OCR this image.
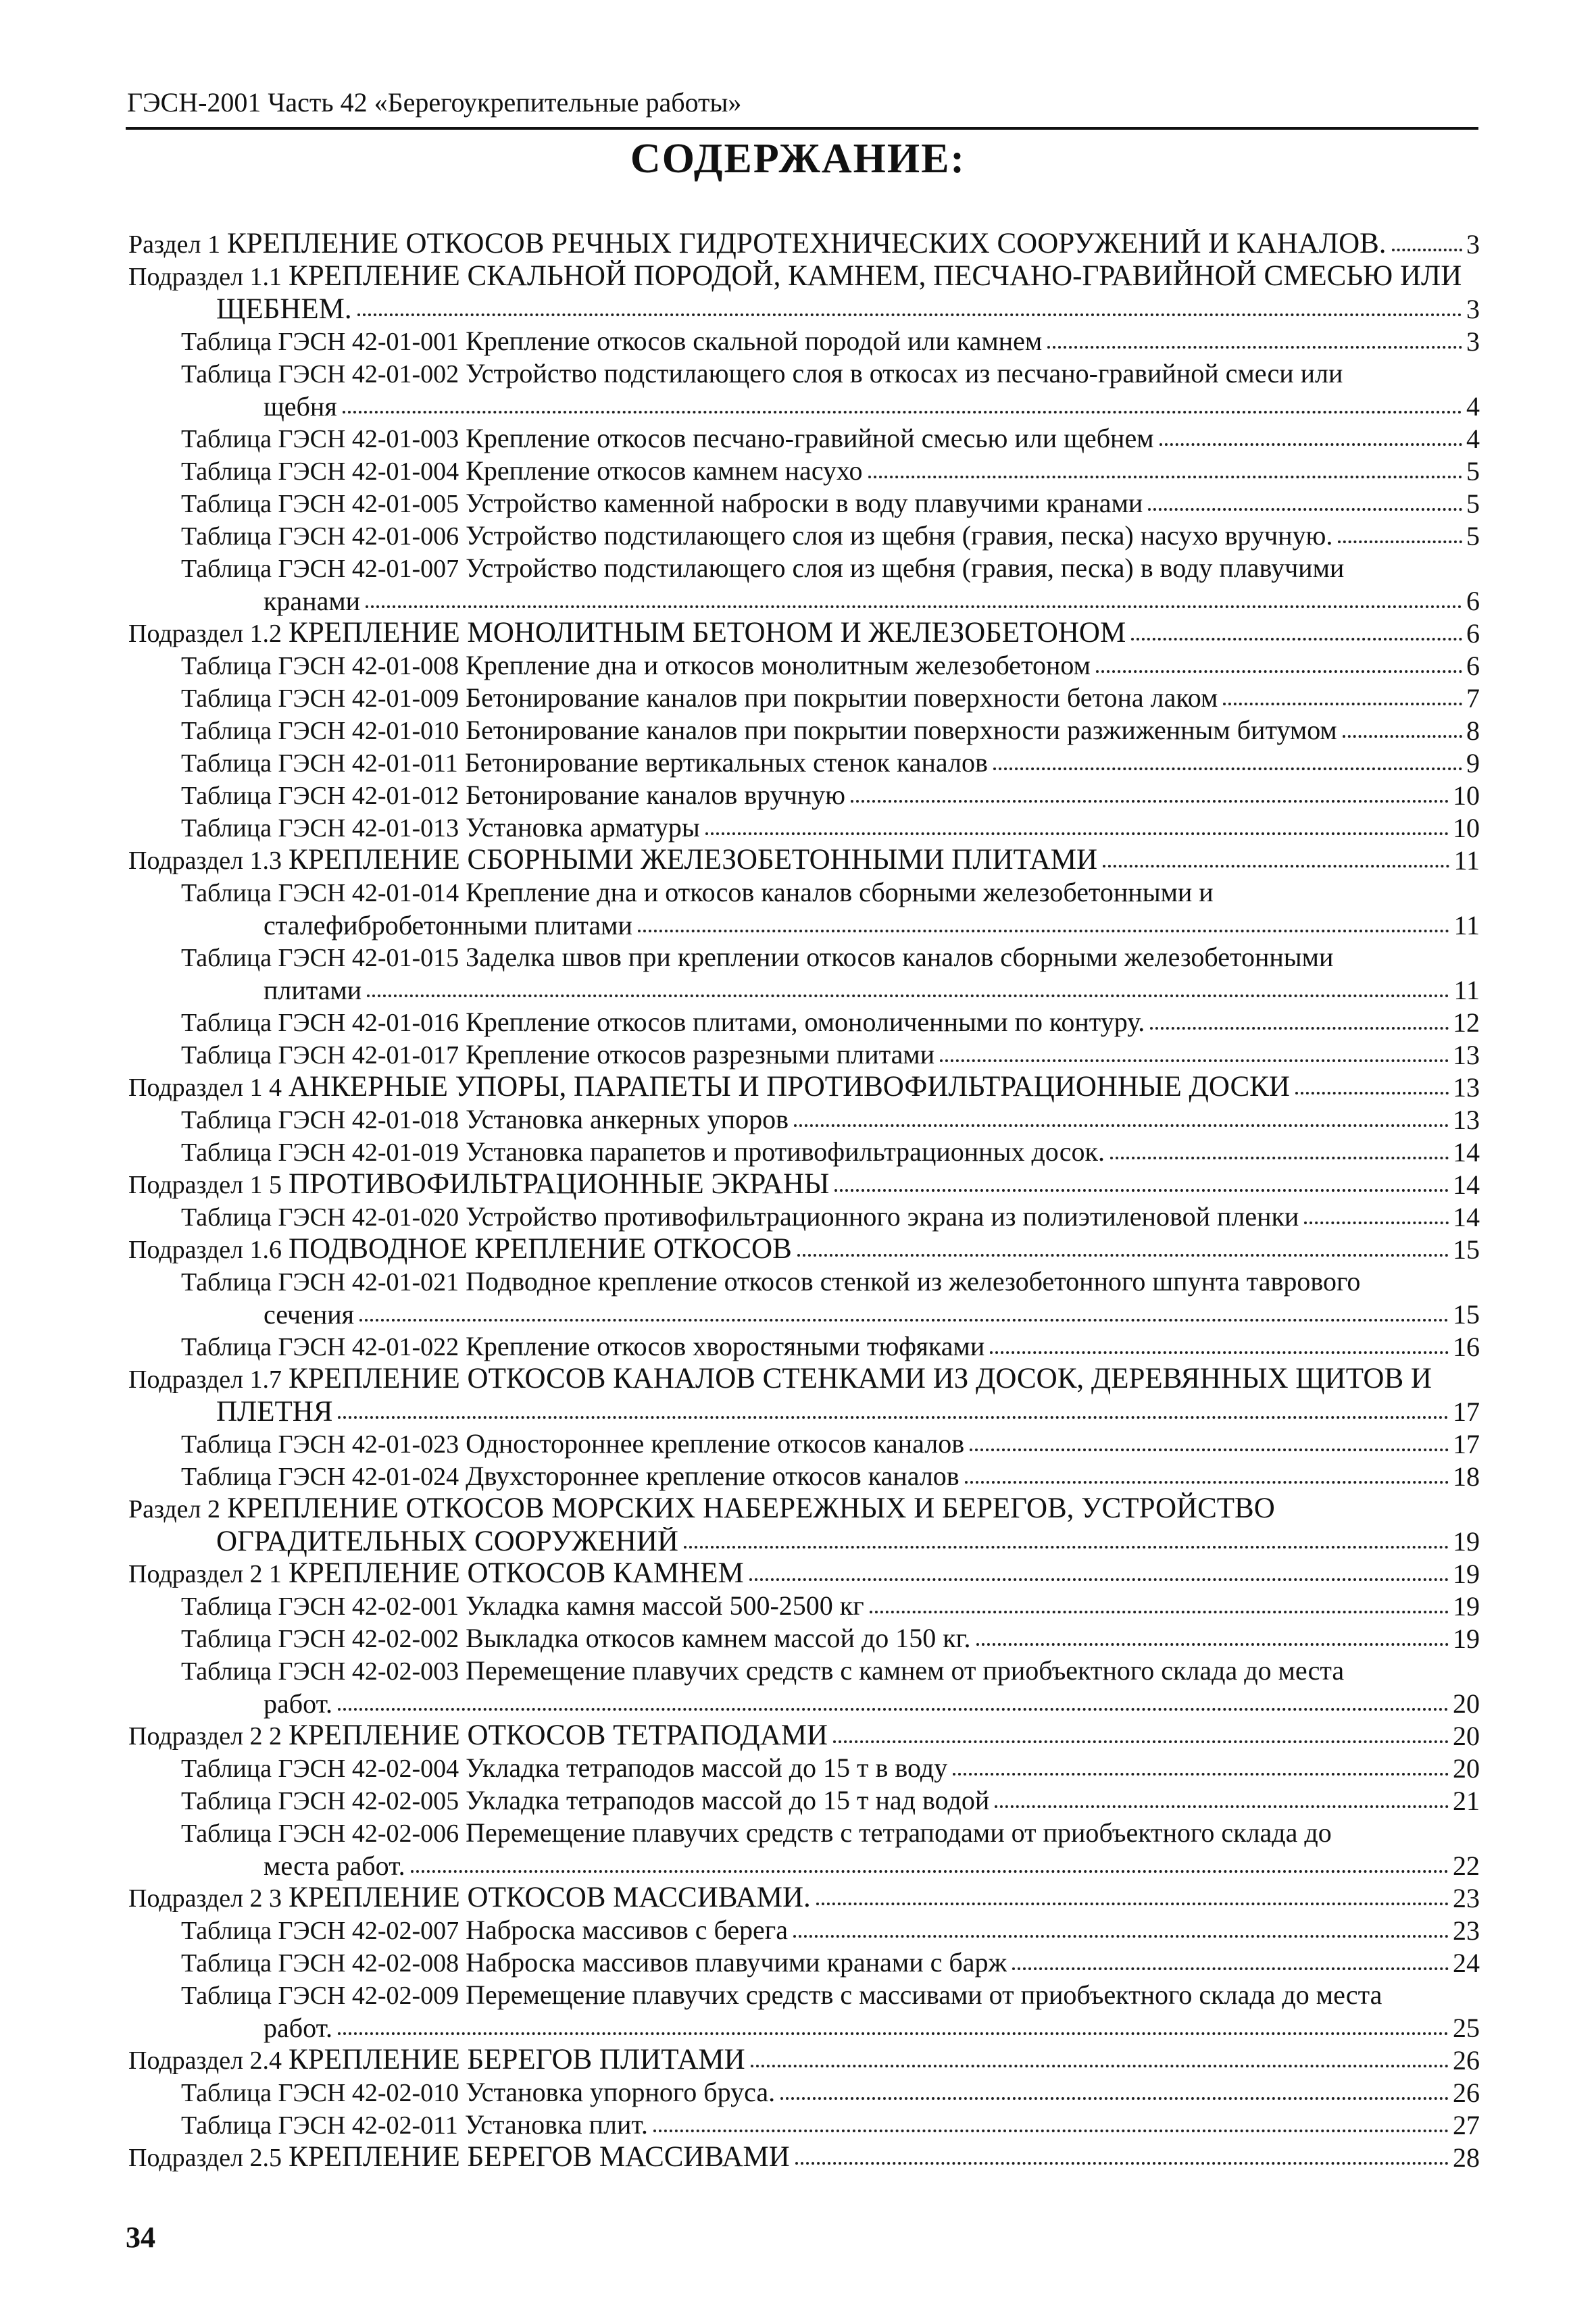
ГЭСН-2001 Часть 42 «Берегоукрепительные работы»
СОДЕРЖАНИЕ:
Раздел 1 КРЕПЛЕНИЕ ОТКОСОВ РЕЧНЫХ ГИДРОТЕХНИЧЕСКИХ СООРУЖЕНИЙ И КАНАЛОВ.	3
Подраздел 1.1 КРЕПЛЕНИЕ СКАЛЬНОЙ ПОРОДОЙ, КАМНЕМ, ПЕСЧАНО-ГРАВИЙНОЙ СМЕСЬЮ ИЛИ
ЩЕБНЕМ.	3
Таблица ГЭСН 42-01-001 Крепление откосов скальной породой или камнем	3
Таблица ГЭСН 42-01-002 Устройство подстилающего слоя в откосах из песчано-гравийной смеси или
щебня	4
Таблица ГЭСН 42-01-003 Крепление откосов песчано-гравийной смесью или щебнем	4
Таблица ГЭСН 42-01-004 Крепление откосов камнем насухо	5
Таблица ГЭСН 42-01-005 Устройство каменной наброски в воду плавучими кранами	5
Таблица ГЭСН 42-01-006 Устройство подстилающего слоя из щебня (гравия, песка) насухо вручную.	5
Таблица ГЭСН 42-01-007 Устройство подстилающего слоя из щебня (гравия, песка) в воду плавучими
кранами	6
Подраздел 1.2 КРЕПЛЕНИЕ МОНОЛИТНЫМ БЕТОНОМ И ЖЕЛЕЗОБЕТОНОМ	6
Таблица ГЭСН 42-01-008 Крепление дна и откосов монолитным железобетоном	6
Таблица ГЭСН 42-01-009 Бетонирование каналов при покрытии поверхности бетона лаком	7
Таблица ГЭСН 42-01-010 Бетонирование каналов при покрытии поверхности разжиженным битумом	8
Таблица ГЭСН 42-01-011 Бетонирование вертикальных стенок каналов	9
Таблица ГЭСН 42-01-012 Бетонирование каналов вручную	10
Таблица ГЭСН 42-01-013 Установка арматуры	10
Подраздел 1.3 КРЕПЛЕНИЕ СБОРНЫМИ ЖЕЛЕЗОБЕТОННЫМИ ПЛИТАМИ	11
Таблица ГЭСН 42-01-014 Крепление дна и откосов каналов сборными железобетонными и
сталефибробетонными плитами	11
Таблица ГЭСН 42-01-015 Заделка швов при креплении откосов каналов сборными железобетонными
плитами	11
Таблица ГЭСН 42-01-016 Крепление откосов плитами, омоноличенными по контуру.	12
Таблица ГЭСН 42-01-017 Крепление откосов разрезными плитами	13
Подраздел 1 4 АНКЕРНЫЕ УПОРЫ, ПАРАПЕТЫ И ПРОТИВОФИЛЬТРАЦИОННЫЕ ДОСКИ	13
Таблица ГЭСН 42-01-018 Установка анкерных упоров	13
Таблица ГЭСН 42-01-019 Установка парапетов и противофильтрационных досок.	14
Подраздел 1 5 ПРОТИВОФИЛЬТРАЦИОННЫЕ ЭКРАНЫ	14
Таблица ГЭСН 42-01-020 Устройство противофильтрационного экрана из полиэтиленовой пленки	14
Подраздел 1.6 ПОДВОДНОЕ КРЕПЛЕНИЕ ОТКОСОВ	15
Таблица ГЭСН 42-01-021 Подводное крепление откосов стенкой из железобетонного шпунта таврового
сечения	15
Таблица ГЭСН 42-01-022 Крепление откосов хворостяными тюфяками	16
Подраздел 1.7 КРЕПЛЕНИЕ ОТКОСОВ КАНАЛОВ СТЕНКАМИ ИЗ ДОСОК, ДЕРЕВЯННЫХ ЩИТОВ И
ПЛЕТНЯ	17
Таблица ГЭСН 42-01-023 Одностороннее крепление откосов каналов	17
Таблица ГЭСН 42-01-024 Двухстороннее крепление откосов каналов	18
Раздел 2 КРЕПЛЕНИЕ ОТКОСОВ МОРСКИХ НАБЕРЕЖНЫХ И БЕРЕГОВ, УСТРОЙСТВО
ОГРАДИТЕЛЬНЫХ СООРУЖЕНИЙ	19
Подраздел 2 1 КРЕПЛЕНИЕ ОТКОСОВ КАМНЕМ	19
Таблица ГЭСН 42-02-001 Укладка камня массой 500-2500 кг	19
Таблица ГЭСН 42-02-002 Выкладка откосов камнем массой до 150 кг.	19
Таблица ГЭСН 42-02-003 Перемещение плавучих средств с камнем от приобъектного склада до места
работ.	20
Подраздел 2 2 КРЕПЛЕНИЕ ОТКОСОВ ТЕТРАПОДАМИ	20
Таблица ГЭСН 42-02-004 Укладка тетраподов массой до 15 т в воду	20
Таблица ГЭСН 42-02-005 Укладка тетраподов массой до 15 т над водой	21
Таблица ГЭСН 42-02-006 Перемещение плавучих средств с тетраподами от приобъектного склада до
места работ.	22
Подраздел 2 3 КРЕПЛЕНИЕ ОТКОСОВ МАССИВАМИ.	23
Таблица ГЭСН 42-02-007 Наброска массивов с берега	23
Таблица ГЭСН 42-02-008 Наброска массивов плавучими кранами с барж	24
Таблица ГЭСН 42-02-009 Перемещение плавучих средств с массивами от приобъектного склада до места
работ.	25
Подраздел 2.4 КРЕПЛЕНИЕ БЕРЕГОВ ПЛИТАМИ	26
Таблица ГЭСН 42-02-010 Установка упорного бруса.	26
Таблица ГЭСН 42-02-011 Установка плит.	27
Подраздел 2.5 КРЕПЛЕНИЕ БЕРЕГОВ МАССИВАМИ	28
34
